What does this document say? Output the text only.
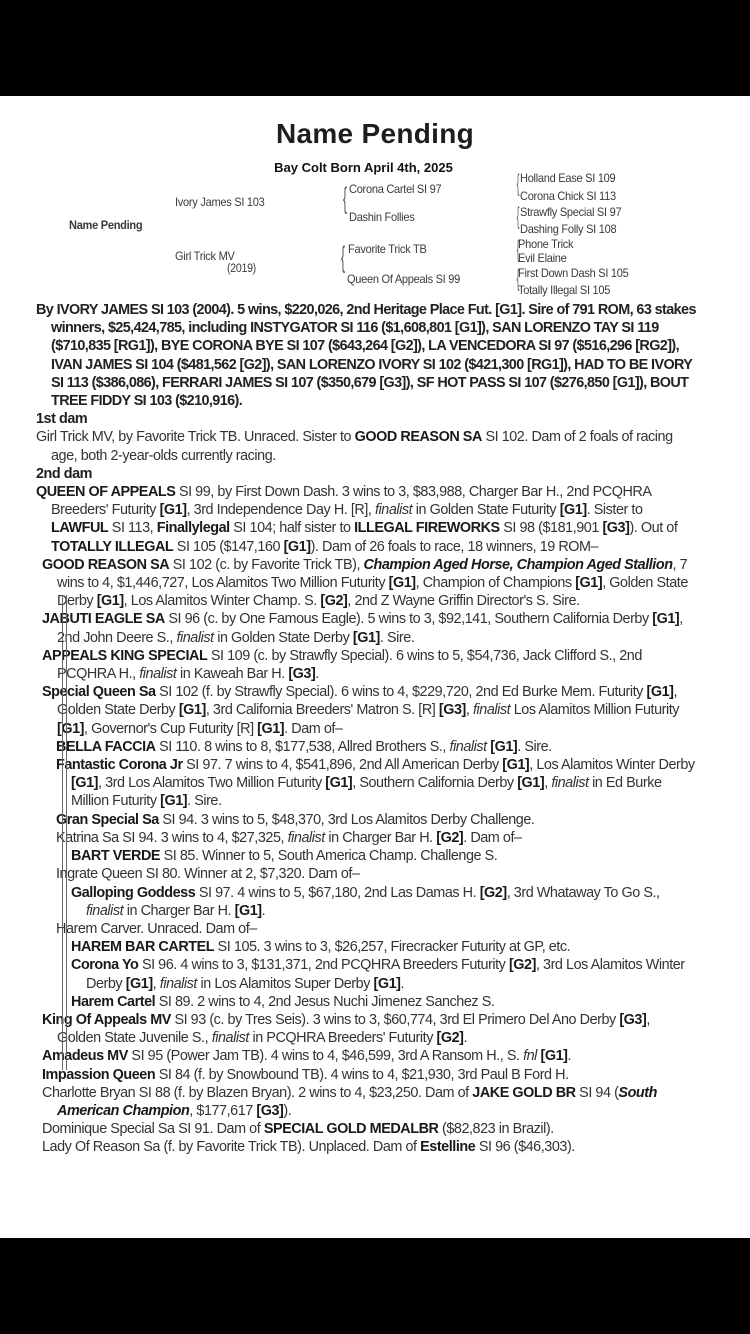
Name Pending
Bay Colt Born April 4th, 2025
Name Pending
Ivory James SI 103
Girl Trick MV
(2019)
{ Corona Cartel SI 97
Dashin Follies
{ Favorite Trick TB
Queen Of Appeals SI 99
{ Holland Ease SI 109
Corona Chick SI 113
{ Strawfly Special SI 97
Dashing Folly SI 108
{
Phone Trick
Evil Elaine
{
First Down Dash SI 105
Totally Illegal SI 105

By IVORY JAMES SI 103 (2004). 5 wins, $220,026, 2nd Heritage Place Fut. [G1]. Sire of 791 ROM, 63 stakes winners, $25,424,785, including INSTYGATOR SI 116 ($1,608,801 [G1]), SAN LORENZO TAY SI 119 ($710,835 [RG1]), BYE CORONA BYE SI 107 ($643,264 [G2]), LA VENCEDORA SI 97 ($516,296 [RG2]), IVAN JAMES SI 104 ($481,562 [G2]), SAN LORENZO IVORY SI 102 ($421,300 [RG1]), HAD TO BE IVORY SI 113 ($386,086), FERRARI JAMES SI 107 ($350,679 [G3]), SF HOT PASS SI 107 ($276,850 [G1]), BOUT TREE FIDDY SI 103 ($210,916).

1st dam

Girl Trick MV, by Favorite Trick TB. Unraced. Sister to GOOD REASON SA SI 102. Dam of 2 foals of racing age, both 2-year-olds currently racing.

2nd dam

QUEEN OF APPEALS SI 99, by First Down Dash. 3 wins to 3, $83,988, Charger Bar H., 2nd PCQHRA Breeders' Futurity [G1], 3rd Independence Day H. [R], finalist in Golden State Futurity [G1]. Sister to LAWFUL SI 113, Finallylegal SI 104; half sister to ILLEGAL FIREWORKS SI 98 ($181,901 [G3]). Out of TOTALLY ILLEGAL SI 105 ($147,160 [G1]). Dam of 26 foals to race, 18 winners, 19 ROM–

GOOD REASON SA SI 102 (c. by Favorite Trick TB), Champion Aged Horse, Champion Aged Stallion, 7 wins to 4, $1,446,727, Los Alamitos Two Million Futurity [G1], Champion of Champions [G1], Golden State Derby [G1], Los Alamitos Winter Champ. S. [G2], 2nd Z Wayne Griffin Director's S. Sire.

JABUTI EAGLE SA SI 96 (c. by One Famous Eagle). 5 wins to 3, $92,141, Southern California Derby [G1], 2nd John Deere S., finalist in Golden State Derby [G1]. Sire.

APPEALS KING SPECIAL SI 109 (c. by Strawfly Special). 6 wins to 5, $54,736, Jack Clifford S., 2nd PCQHRA H., finalist in Kaweah Bar H. [G3].

Special Queen Sa SI 102 (f. by Strawfly Special). 6 wins to 4, $229,720, 2nd Ed Burke Mem. Futurity [G1], Golden State Derby [G1], 3rd California Breeders' Matron S. [R] [G3], finalist Los Alamitos Million Futurity [G1], Governor's Cup Futurity [R] [G1]. Dam of–

BELLA FACCIA SI 110. 8 wins to 8, $177,538, Allred Brothers S., finalist [G1]. Sire.

Fantastic Corona Jr SI 97. 7 wins to 4, $541,896, 2nd All American Derby [G1], Los Alamitos Winter Derby [G1], 3rd Los Alamitos Two Million Futurity [G1], Southern California Derby [G1], finalist in Ed Burke Million Futurity [G1]. Sire.

Gran Special Sa SI 94. 3 wins to 5, $48,370, 3rd Los Alamitos Derby Challenge.

Katrina Sa SI 94. 3 wins to 4, $27,325, finalist in Charger Bar H. [G2]. Dam of–

BART VERDE SI 85. Winner to 5, South America Champ. Challenge S.

Ingrate Queen SI 80. Winner at 2, $7,320. Dam of–

Galloping Goddess SI 97. 4 wins to 5, $67,180, 2nd Las Damas H. [G2], 3rd Whataway To Go S., finalist in Charger Bar H. [G1].

Harem Carver. Unraced. Dam of–

HAREM BAR CARTEL SI 105. 3 wins to 3, $26,257, Firecracker Futurity at GP, etc.

Corona Yo SI 96. 4 wins to 3, $131,371, 2nd PCQHRA Breeders Futurity [G2], 3rd Los Alamitos Winter Derby [G1], finalist in Los Alamitos Super Derby [G1].

Harem Cartel SI 89. 2 wins to 4, 2nd Jesus Nuchi Jimenez Sanchez S.

King Of Appeals MV SI 93 (c. by Tres Seis). 3 wins to 3, $60,774, 3rd El Primero Del Ano Derby [G3], Golden State Juvenile S., finalist in PCQHRA Breeders' Futurity [G2].

Amadeus MV SI 95 (Power Jam TB). 4 wins to 4, $46,599, 3rd A Ransom H., S. fnl [G1].

Impassion Queen SI 84 (f. by Snowbound TB). 4 wins to 4, $21,930, 3rd Paul B Ford H.

Charlotte Bryan SI 88 (f. by Blazen Bryan). 2 wins to 4, $23,250. Dam of JAKE GOLD BR SI 94 (South American Champion, $177,617 [G3]).

Dominique Special Sa SI 91. Dam of SPECIAL GOLD MEDALBR ($82,823 in Brazil).

Lady Of Reason Sa (f. by Favorite Trick TB). Unplaced. Dam of Estelline SI 96 ($46,303).
